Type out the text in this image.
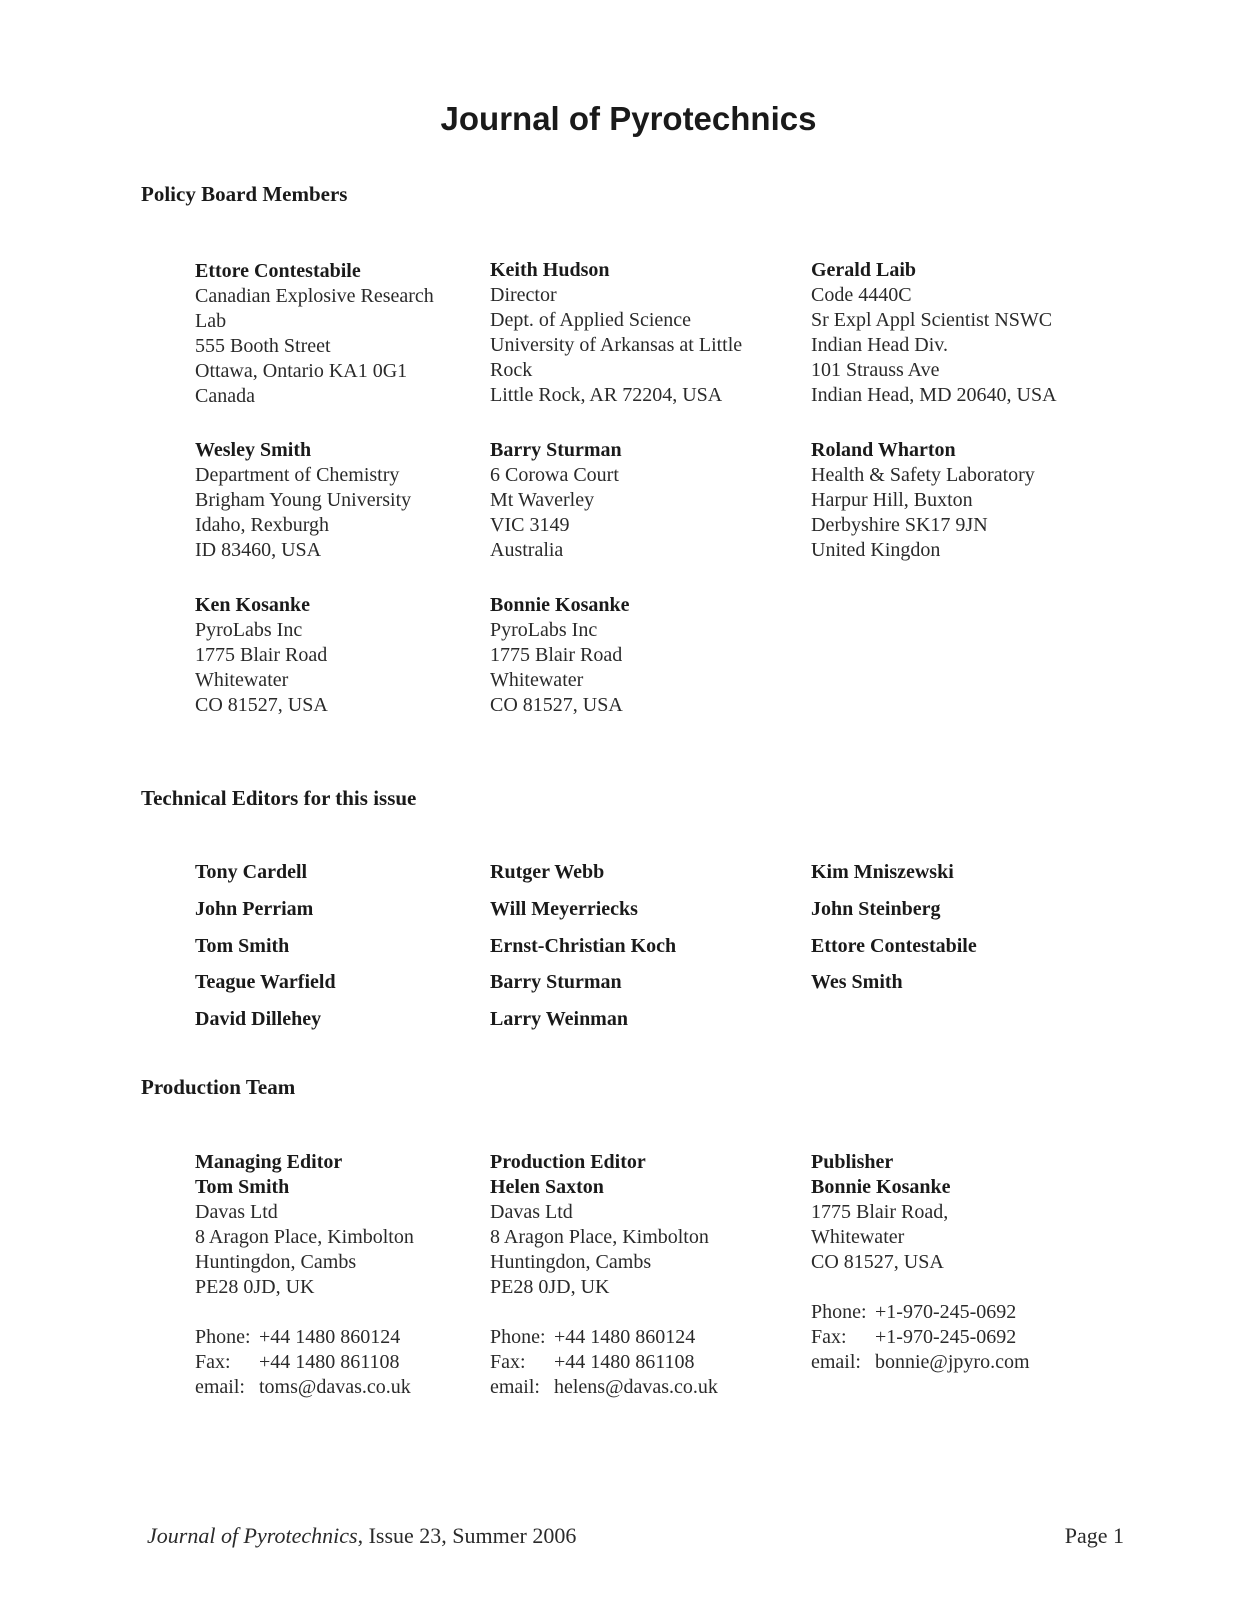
Journal of Pyrotechnics
Policy Board Members
Ettore Contestabile
Canadian Explosive Research
Lab
555 Booth Street
Ottawa, Ontario KA1 0G1
Canada
Keith Hudson
Director
Dept. of Applied Science
University of Arkansas at Little
Rock
Little Rock, AR 72204, USA
Gerald Laib
Code 4440C
Sr Expl Appl Scientist NSWC
Indian Head Div.
101 Strauss Ave
Indian Head, MD 20640, USA
Wesley Smith
Department of Chemistry
Brigham Young University
Idaho, Rexburgh
ID 83460, USA
Barry Sturman
6 Corowa Court
Mt Waverley
VIC 3149
Australia
Roland Wharton
Health & Safety Laboratory
Harpur Hill, Buxton
Derbyshire SK17 9JN
United Kingdon
Ken Kosanke
PyroLabs Inc
1775 Blair Road
Whitewater
CO 81527, USA
Bonnie Kosanke
PyroLabs Inc
1775 Blair Road
Whitewater
CO 81527, USA
Technical Editors for this issue
Tony Cardell	Rutger Webb	Kim Mniszewski
John Perriam	Will Meyerriecks	John Steinberg
Tom Smith	Ernst-Christian Koch	Ettore Contestabile
Teague Warfield	Barry Sturman	Wes Smith
David Dillehey	Larry Weinman
Production Team
Managing Editor
Tom Smith
Davas Ltd
8 Aragon Place, Kimbolton
Huntingdon, Cambs
PE28 0JD, UK
Phone: +44 1480 860124
Fax: +44 1480 861108
email: toms@davas.co.uk
Production Editor
Helen Saxton
Davas Ltd
8 Aragon Place, Kimbolton
Huntingdon, Cambs
PE28 0JD, UK
Phone: +44 1480 860124
Fax: +44 1480 861108
email: helens@davas.co.uk
Publisher
Bonnie Kosanke
1775 Blair Road,
Whitewater
CO 81527, USA
Phone: +1-970-245-0692
Fax: +1-970-245-0692
email: bonnie@jpyro.com
Journal of Pyrotechnics, Issue 23, Summer 2006	Page 1
